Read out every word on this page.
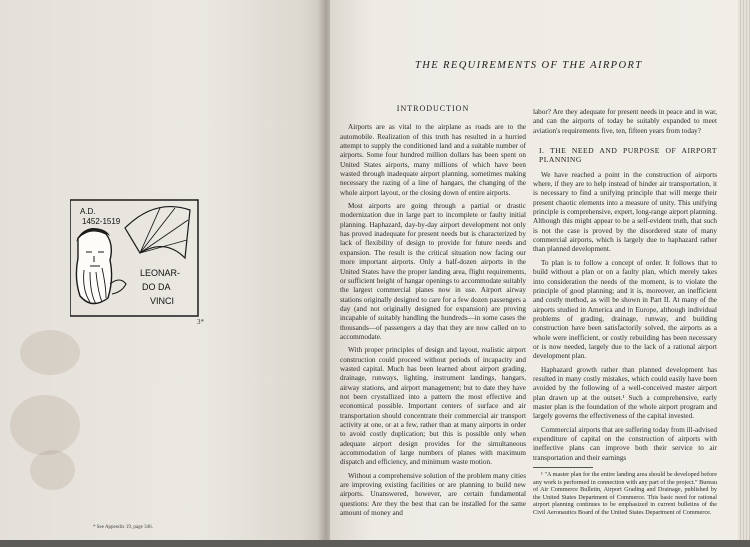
A.D.
1452-1519
LEONAR-
DO DA
VINCI
3*
* See Appendix 19, page 346.
THE REQUIREMENTS OF THE AIRPORT
INTRODUCTION

Airports are as vital to the airplane as roads are to the automobile. Realization of this truth has resulted in a hurried attempt to supply the conditioned land and a suitable number of airports. Some four hundred million dollars has been spent on United States airports, many millions of which have been wasted through inadequate airport planning, sometimes making necessary the razing of a line of hangars, the changing of the whole airport layout, or the closing down of entire airports.

Most airports are going through a partial or drastic modernization due in large part to incomplete or faulty initial planning. Haphazard, day-by-day airport development not only has proved inadequate for present needs but is characterized by lack of flexibility of design to provide for future needs and expansion. The result is the critical situation now facing our more important airports. Only a half-dozen airports in the United States have the proper landing area, flight requirements, or sufficient height of hangar openings to accommodate suitably the largest commercial planes now in use. Airport airway stations originally designed to care for a few dozen passengers a day (and not originally designed for expansion) are proving incapable of suitably handling the hundreds—in some cases the thousands—of passengers a day that they are now called on to accommodate.

With proper principles of design and layout, realistic airport construction could proceed without periods of incapacity and wasted capital. Much has been learned about airport grading, drainage, runways, lighting, instrument landings, hangars, airway stations, and airport management; but to date they have not been crystallized into a pattern the most effective and economical possible. Important centers of surface and air transportation should concentrate their commercial air transport activity at one, or at a few, rather than at many airports in order to avoid costly duplication; but this is possible only when adequate airport design provides for the simultaneous accommodation of large numbers of planes with maximum dispatch and efficiency, and minimum waste motion.

Without a comprehensive solution of the problem many cities are improving existing facilities or are planning to build new airports. Unanswered, however, are certain fundamental questions: Are they the best that can be installed for the same amount of money and

labor? Are they adequate for present needs in peace and in war, and can the airports of today be suitably expanded to meet aviation's requirements five, ten, fifteen years from today?

I. THE NEED AND PURPOSE OF AIRPORT PLANNING

We have reached a point in the construction of airports where, if they are to help instead of hinder air transportation, it is necessary to find a unifying principle that will merge their present chaotic elements into a measure of unity. This unifying principle is comprehensive, expert, long-range airport planning. Although this might appear to be a self-evident truth, that such is not the case is proved by the disordered state of many commercial airports, which is largely due to haphazard rather than planned development.

To plan is to follow a concept of order. It follows that to build without a plan or on a faulty plan, which merely takes into consideration the needs of the moment, is to violate the principle of good planning; and it is, moreover, an inefficient and costly method, as will be shown in Part II. At many of the airports studied in America and in Europe, although individual problems of grading, drainage, runway, and building construction have been satisfactorily solved, the airports as a whole were inefficient, or costly rebuilding has been necessary or is now needed, largely due to the lack of a rational airport development plan.

Haphazard growth rather than planned development has resulted in many costly mistakes, which could easily have been avoided by the following of a well-conceived master airport plan drawn up at the outset.¹ Such a comprehensive, early master plan is the foundation of the whole airport program and largely governs the effectiveness of the capital invested.

Commercial airports that are suffering today from ill-advised expenditure of capital on the construction of airports with ineffective plans can improve both their service to air transportation and their earnings

¹ "A master plan for the entire landing area should be developed before any work is performed in connection with any part of the project." Bureau of Air Commerce Bulletin, Airport Grading and Drainage, published by the United States Department of Commerce. This basic need for rational airport planning continues to be emphasized in current bulletins of the Civil Aeronautics Board of the United States Department of Commerce.
